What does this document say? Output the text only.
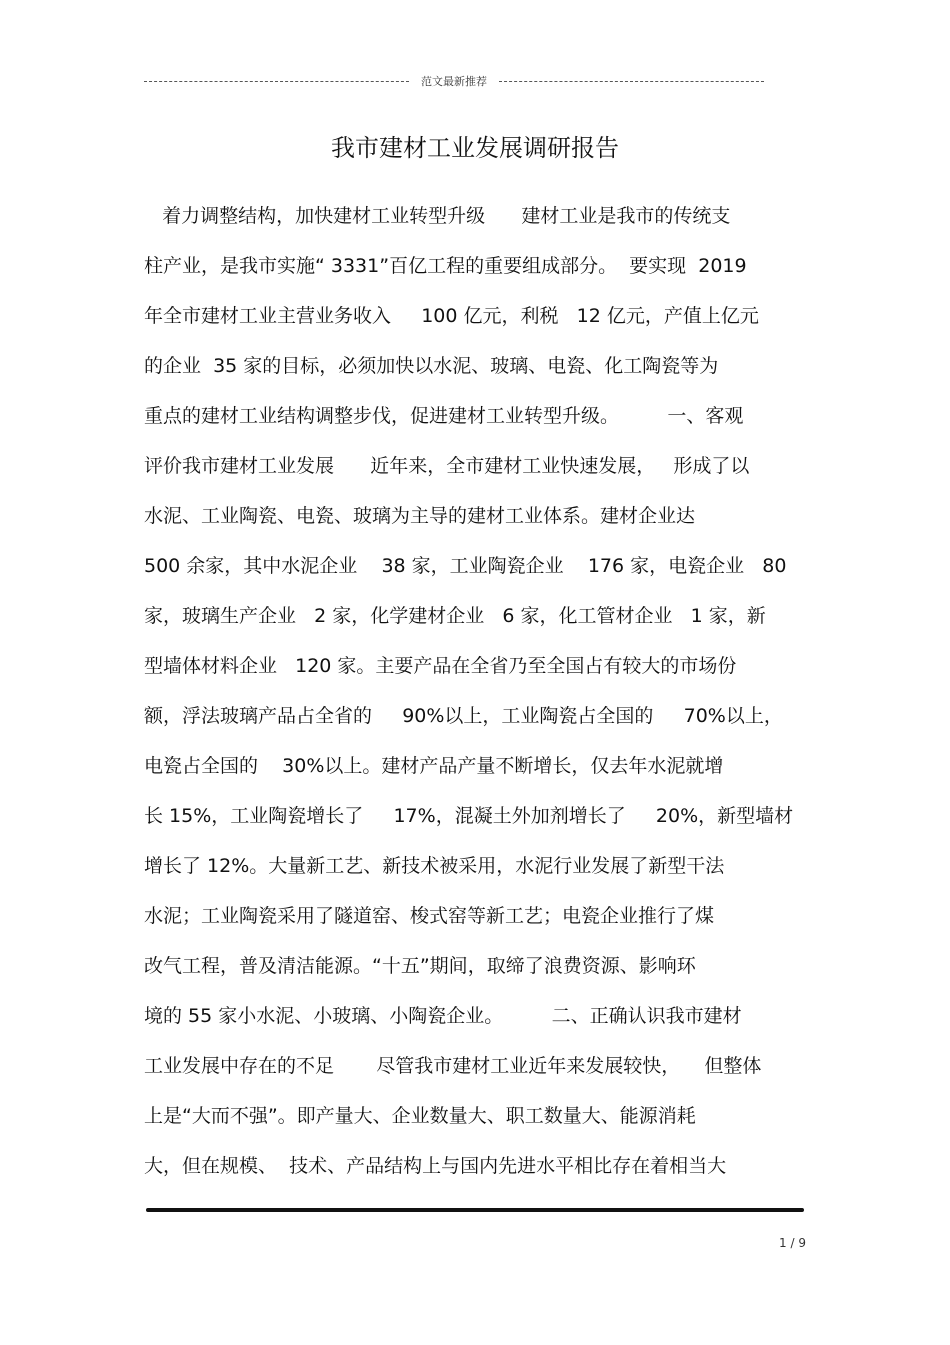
范文最新推荐
我市建材工业发展调研报告
着力调整结构，加快建材工业转型升级      建材工业是我市的传统支
柱产业，是我市实施“ 3331”百亿工程的重要组成部分。  要实现  2019
年全市建材工业主营业务收入     100 亿元，利税   12 亿元，产值上亿元
的企业  35 家的目标，必须加快以水泥、玻璃、电瓷、化工陶瓷等为
重点的建材工业结构调整步伐，促进建材工业转型升级。        一、客观
评价我市建材工业发展      近年来，全市建材工业快速发展，   形成了以
水泥、工业陶瓷、电瓷、玻璃为主导的建材工业体系。建材企业达
500 余家，其中水泥企业    38 家，工业陶瓷企业    176 家，电瓷企业   80
家，玻璃生产企业   2 家，化学建材企业   6 家，化工管材企业   1 家，新
型墙体材料企业   120 家。主要产品在全省乃至全国占有较大的市场份
额，浮法玻璃产品占全省的     90%以上，工业陶瓷占全国的     70%以上，
电瓷占全国的    30%以上。建材产品产量不断增长，仅去年水泥就增
长 15%，工业陶瓷增长了     17%，混凝土外加剂增长了     20%，新型墙材
增长了 12%。大量新工艺、新技术被采用，水泥行业发展了新型干法
水泥；工业陶瓷采用了隧道窑、梭式窑等新工艺；电瓷企业推行了煤
改气工程，普及清洁能源。“十五”期间，取缔了浪费资源、影响环
境的 55 家小水泥、小玻璃、小陶瓷企业。        二、正确认识我市建材
工业发展中存在的不足       尽管我市建材工业近年来发展较快，    但整体
上是“大而不强”。即产量大、企业数量大、职工数量大、能源消耗
大，但在规模、  技术、产品结构上与国内先进水平相比存在着相当大
1 / 9
